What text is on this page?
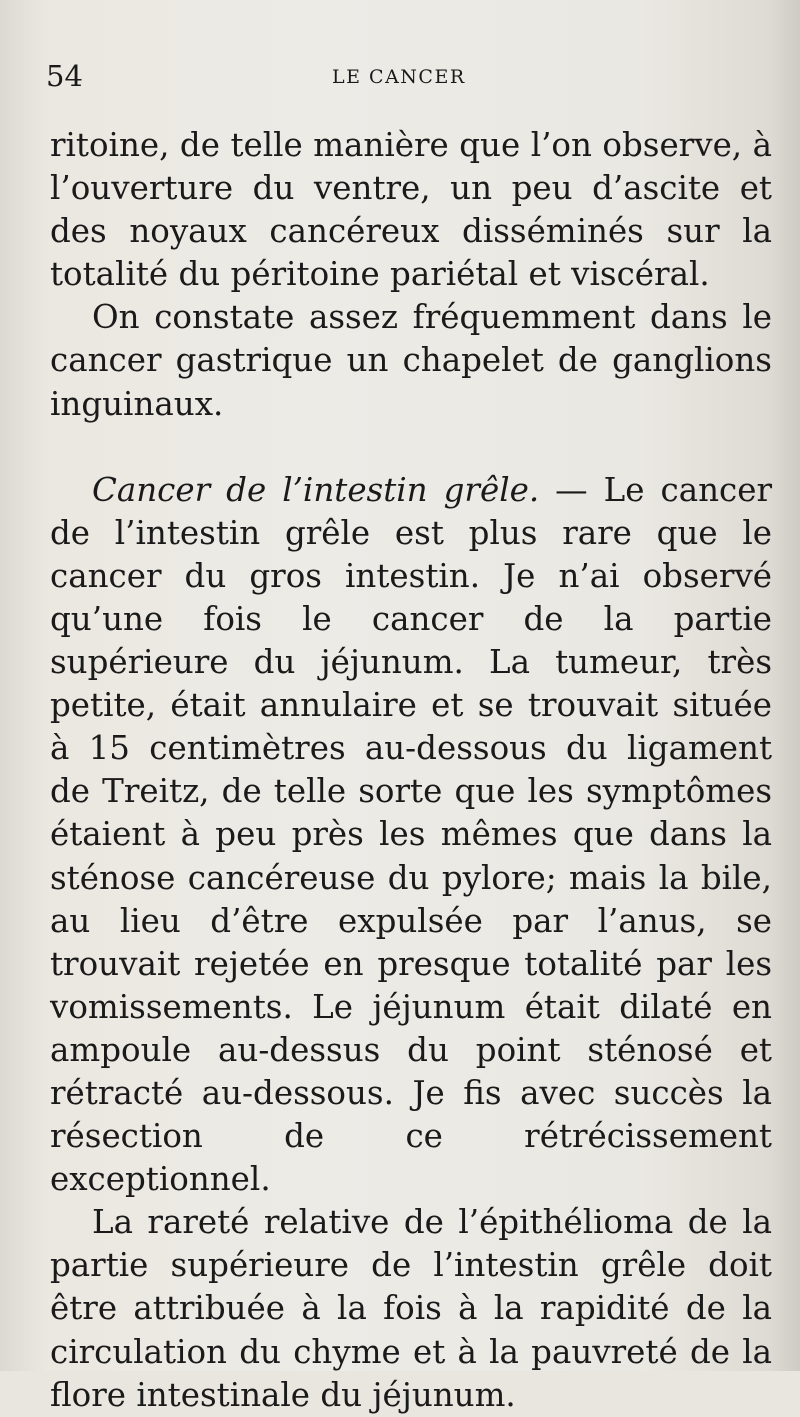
54	LE CANCER

ritoine, de telle manière que l’on observe, à l’ouverture du ventre, un peu d’ascite et des noyaux cancéreux disséminés sur la totalité du péritoine pariétal et viscéral.

On constate assez fréquemment dans le cancer gastrique un chapelet de ganglions inguinaux.

Cancer de l’intestin grêle. — Le cancer de l’intestin grêle est plus rare que le cancer du gros intestin. Je n’ai observé qu’une fois le cancer de la partie supérieure du jéjunum. La tumeur, très petite, était annulaire et se trouvait située à 15 centimètres au-dessous du ligament de Treitz, de telle sorte que les symptômes étaient à peu près les mêmes que dans la sténose cancéreuse du pylore; mais la bile, au lieu d’être expulsée par l’anus, se trouvait rejetée en presque totalité par les vomissements. Le jéjunum était dilaté en ampoule au-dessus du point sténosé et rétracté au-dessous. Je fis avec succès la résection de ce rétrécissement exceptionnel.

La rareté relative de l’épithélioma de la partie supérieure de l’intestin grêle doit être attribuée à la fois à la rapidité de la circulation du chyme et à la pauvreté de la flore intestinale du jéjunum.
